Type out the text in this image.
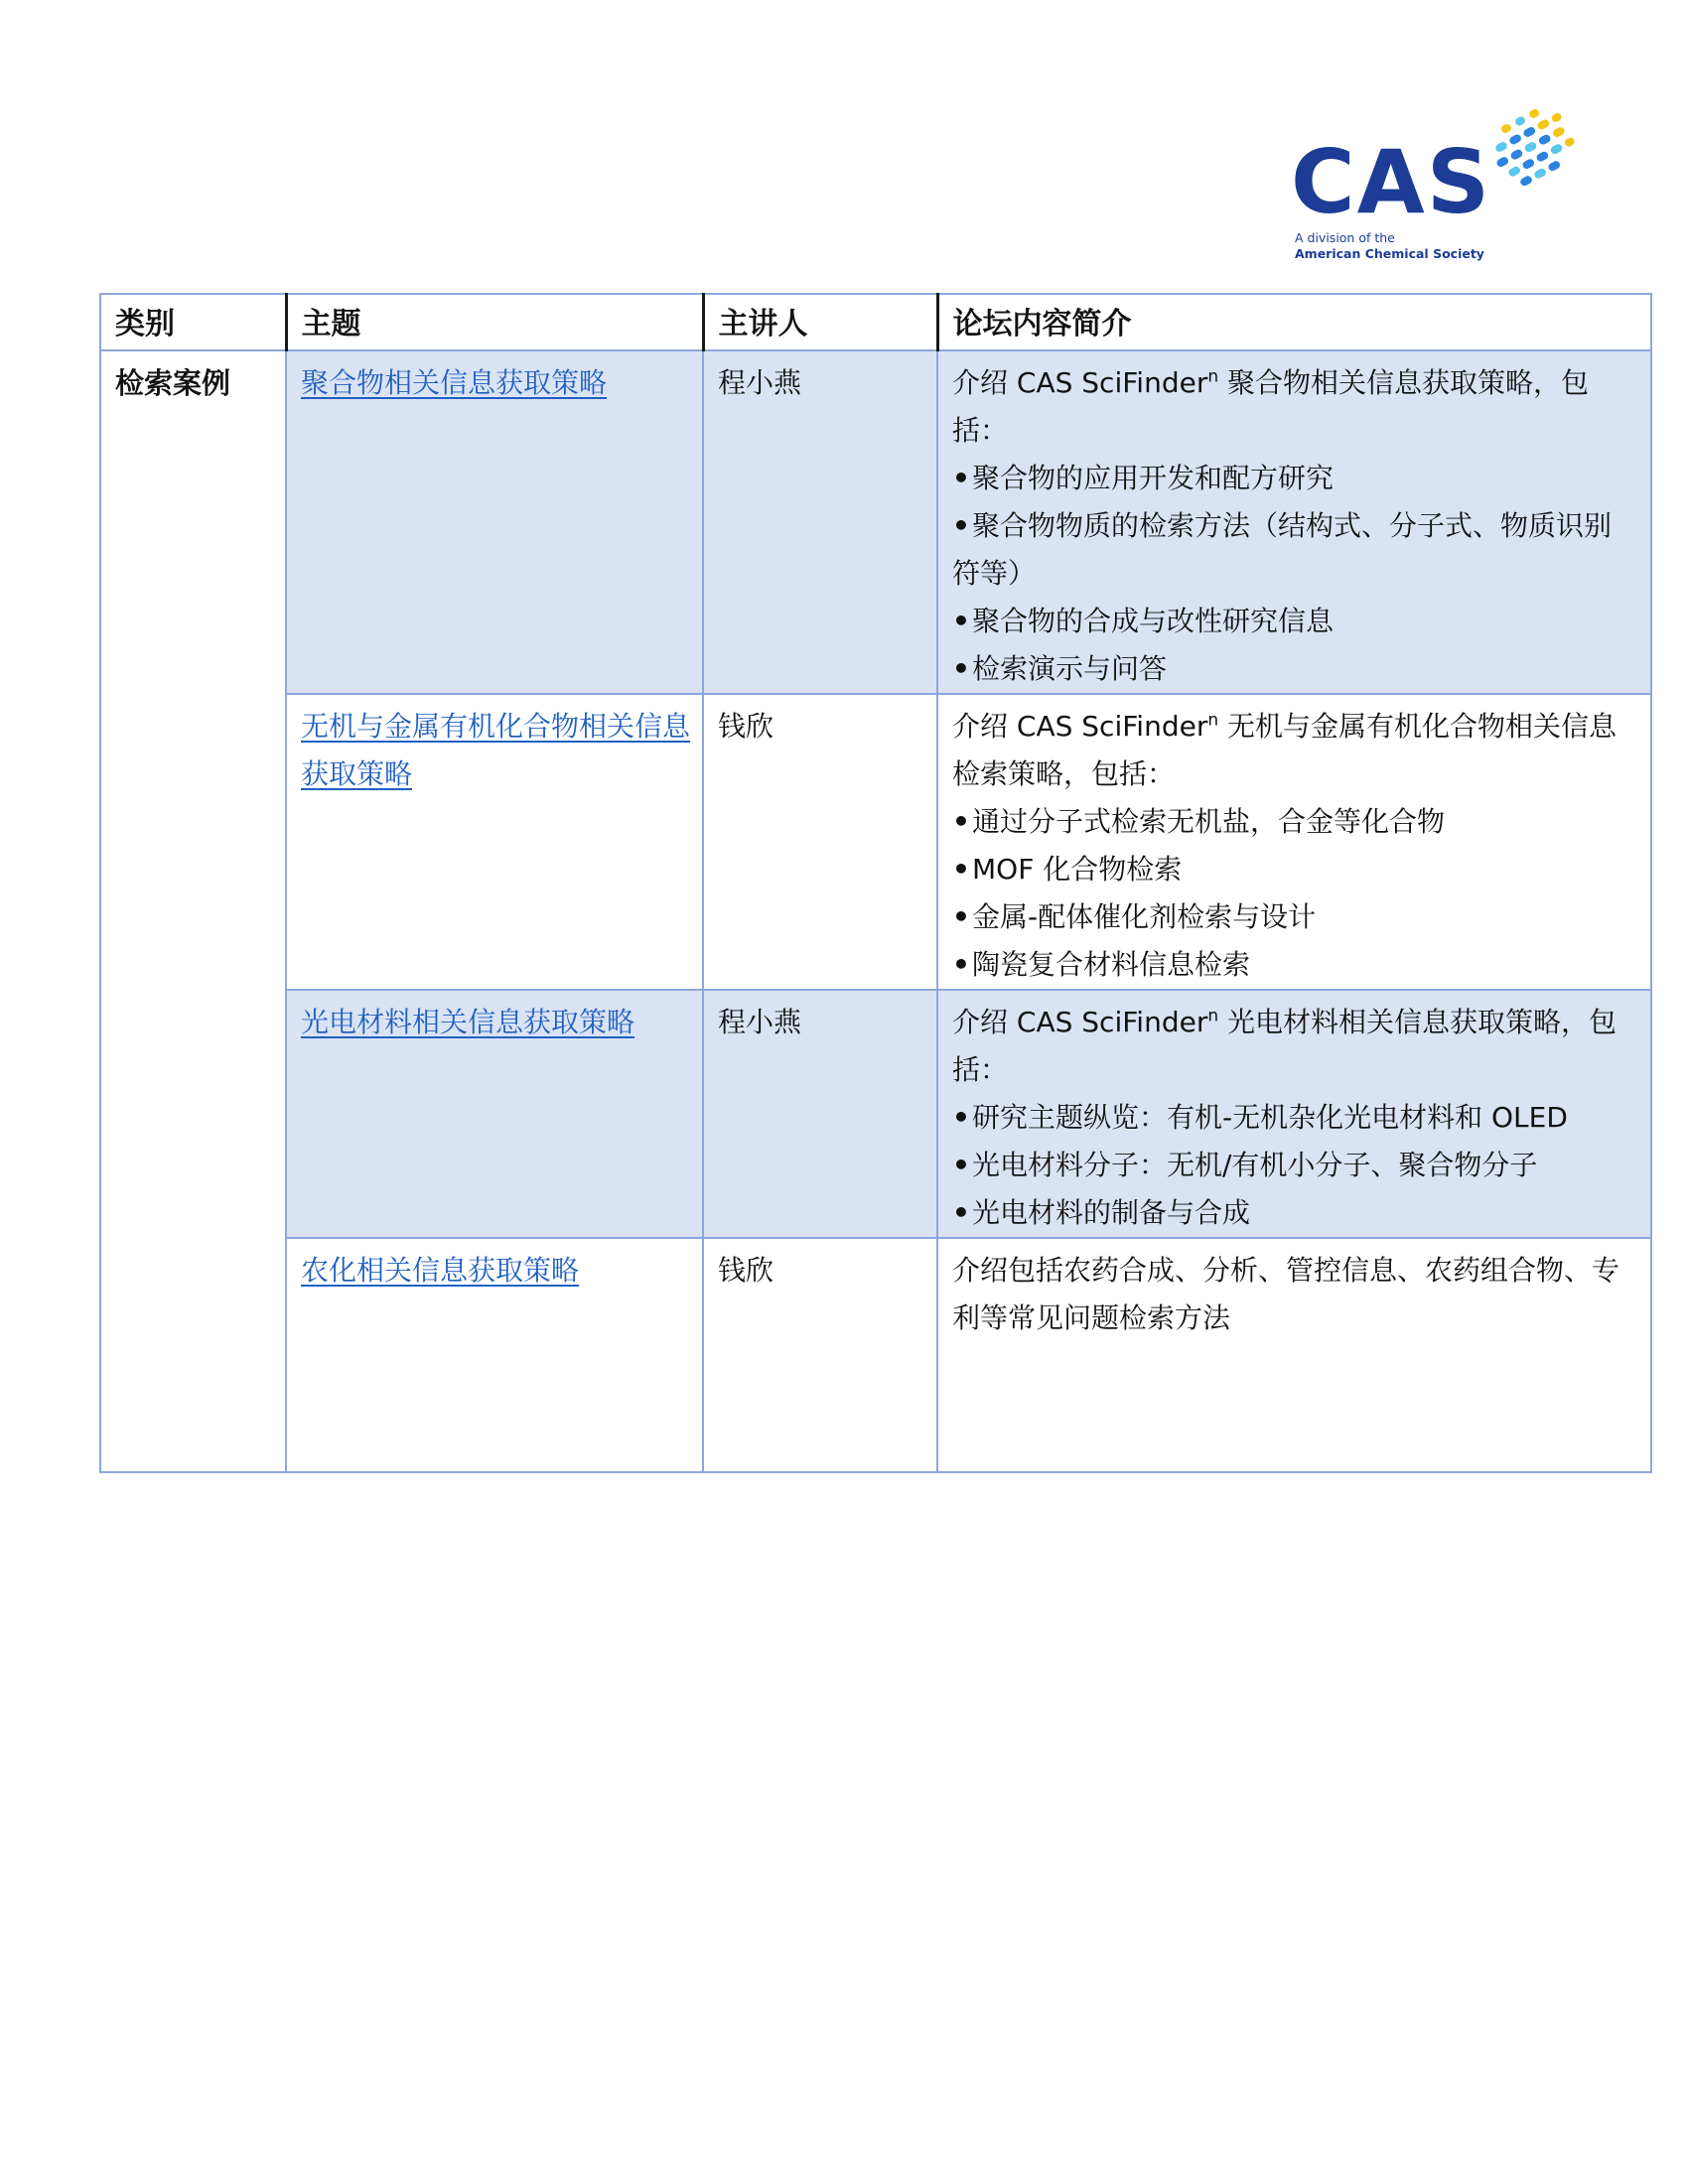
CAS
A division of the
American Chemical Society
类别	主题	主讲人	论坛内容简介
检索案例	聚合物相关信息获取策略	程小燕	介绍 CAS SciFinder$^n$ 聚合物相关信息获取策略，包括：
• 聚合物的应用开发和配方研究
• 聚合物物质的检索方法（结构式、分子式、物质识别符等）
• 聚合物的合成与改性研究信息
• 检索演示与问答

	无机与金属有机化合物相关信息获取策略	钱欣	介绍 CAS SciFinder$^n$ 无机与金属有机化合物相关信息检索策略，包括：
• 通过分子式检索无机盐，合金等化合物
• MOF 化合物检索
• 金属-配体催化剂检索与设计
• 陶瓷复合材料信息检索

	光电材料相关信息获取策略	程小燕	介绍 CAS SciFinder$^n$ 光电材料相关信息获取策略，包括：
• 研究主题纵览：有机-无机杂化光电材料和 OLED
• 光电材料分子：无机/有机小分子、聚合物分子
• 光电材料的制备与合成

	农化相关信息获取策略	钱欣	介绍包括农药合成、分析、管控信息、农药组合物、专利等常见问题检索方法
